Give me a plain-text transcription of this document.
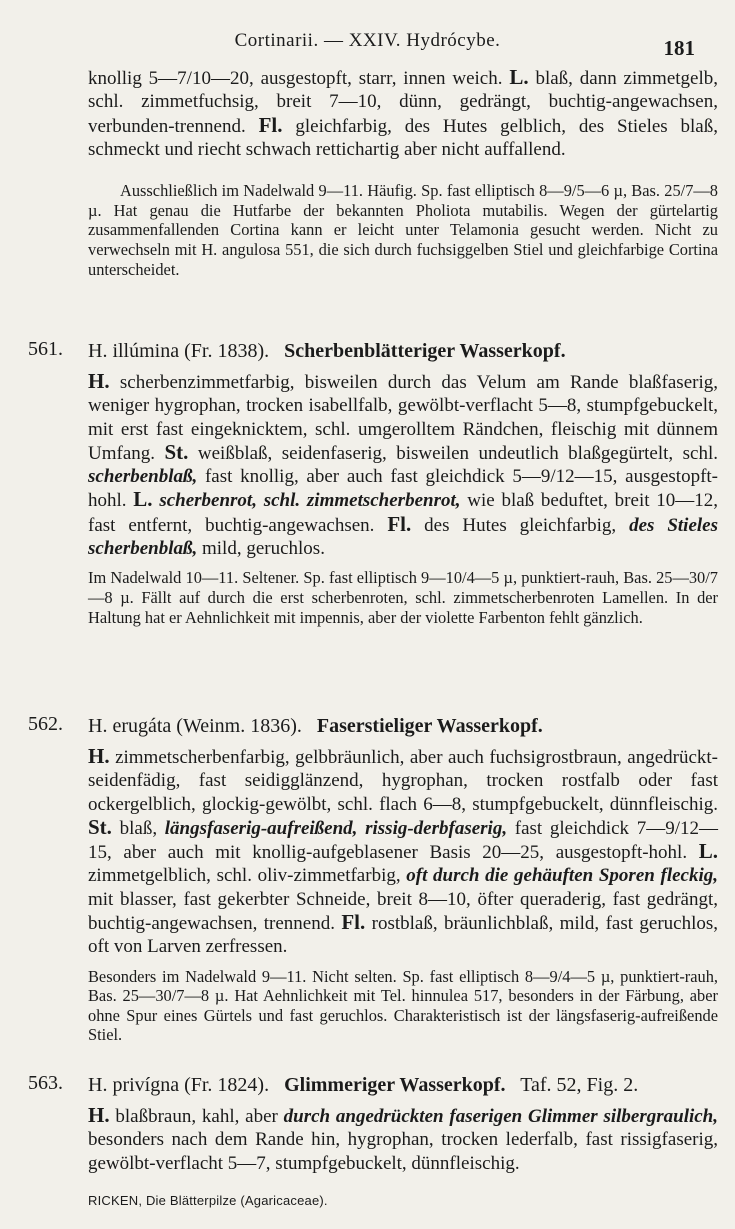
Cortinarii. — XXIV. Hydrócybe.	181

knollig 5—7/10—20, ausgestopft, starr, innen weich. L. blaß, dann zimmetgelb, schl. zimmetfuchsig, breit 7—10, dünn, gedrängt, buchtig-angewachsen, verbunden-trennend. Fl. gleichfarbig, des Hutes gelblich, des Stieles blaß, schmeckt und riecht schwach rettichartig aber nicht auffallend.

Ausschließlich im Nadelwald 9—11. Häufig. Sp. fast elliptisch 8—9/5—6 µ, Bas. 25/7—8 µ. Hat genau die Hutfarbe der bekannten Pholiota mutabilis. Wegen der gürtelartig zusammenfallenden Cortina kann er leicht unter Telamonia gesucht werden. Nicht zu verwechseln mit H. angulosa 551, die sich durch fuchsiggelben Stiel und gleichfarbige Cortina unterscheidet.

561. H. illúmina (Fr. 1838). Scherbenblätteriger Wasserkopf.

H. scherbenzimmetfarbig, bisweilen durch das Velum am Rande blaßfaserig, weniger hygrophan, trocken isabellfalb, gewölbt-verflacht 5—8, stumpfgebuckelt, mit erst fast eingeknicktem, schl. umgerolltem Rändchen, fleischig mit dünnem Umfang. St. weißblaß, seidenfaserig, bisweilen undeutlich blaßgegürtelt, schl. scherbenblaß, fast knollig, aber auch fast gleichdick 5—9/12—15, ausgestopft-hohl. L. scherbenrot, schl. zimmetscherbenrot, wie blaß beduftet, breit 10—12, fast entfernt, buchtig-angewachsen. Fl. des Hutes gleichfarbig, des Stieles scherbenblaß, mild, geruchlos.

Im Nadelwald 10—11. Seltener. Sp. fast elliptisch 9—10/4—5 µ, punktiert-rauh, Bas. 25—30/7—8 µ. Fällt auf durch die erst scherbenroten, schl. zimmetscherbenroten Lamellen. In der Haltung hat er Aehnlichkeit mit impennis, aber der violette Farbenton fehlt gänzlich.

562. H. erugáta (Weinm. 1836). Faserstieliger Wasserkopf.

H. zimmetscherbenfarbig, gelbbräunlich, aber auch fuchsigrostbraun, angedrückt-seidenfädig, fast seidigglänzend, hygrophan, trocken rostfalb oder fast ockergelblich, glockig-gewölbt, schl. flach 6—8, stumpfgebuckelt, dünnfleischig. St. blaß, längsfaserig-aufreißend, rissig-derbfaserig, fast gleichdick 7—9/12—15, aber auch mit knollig-aufgeblasener Basis 20—25, ausgestopft-hohl. L. zimmetgelblich, schl. oliv-zimmetfarbig, oft durch die gehäuften Sporen fleckig, mit blasser, fast gekerbter Schneide, breit 8—10, öfter queraderig, fast gedrängt, buchtig-angewachsen, trennend. Fl. rostblaß, bräunlichblaß, mild, fast geruchlos, oft von Larven zerfressen.

Besonders im Nadelwald 9—11. Nicht selten. Sp. fast elliptisch 8—9/4—5 µ, punktiert-rauh, Bas. 25—30/7—8 µ. Hat Aehnlichkeit mit Tel. hinnulea 517, besonders in der Färbung, aber ohne Spur eines Gürtels und fast geruchlos. Charakteristisch ist der längsfaserig-aufreißende Stiel.

563. H. privígna (Fr. 1824). Glimmeriger Wasserkopf. Taf. 52, Fig. 2.

H. blaßbraun, kahl, aber durch angedrückten faserigen Glimmer silbergraulich, besonders nach dem Rande hin, hygrophan, trocken lederfalb, fast rissigfaserig, gewölbt-verflacht 5—7, stumpfgebuckelt, dünnfleischig.

RICKEN, Die Blätterpilze (Agaricaceae).
